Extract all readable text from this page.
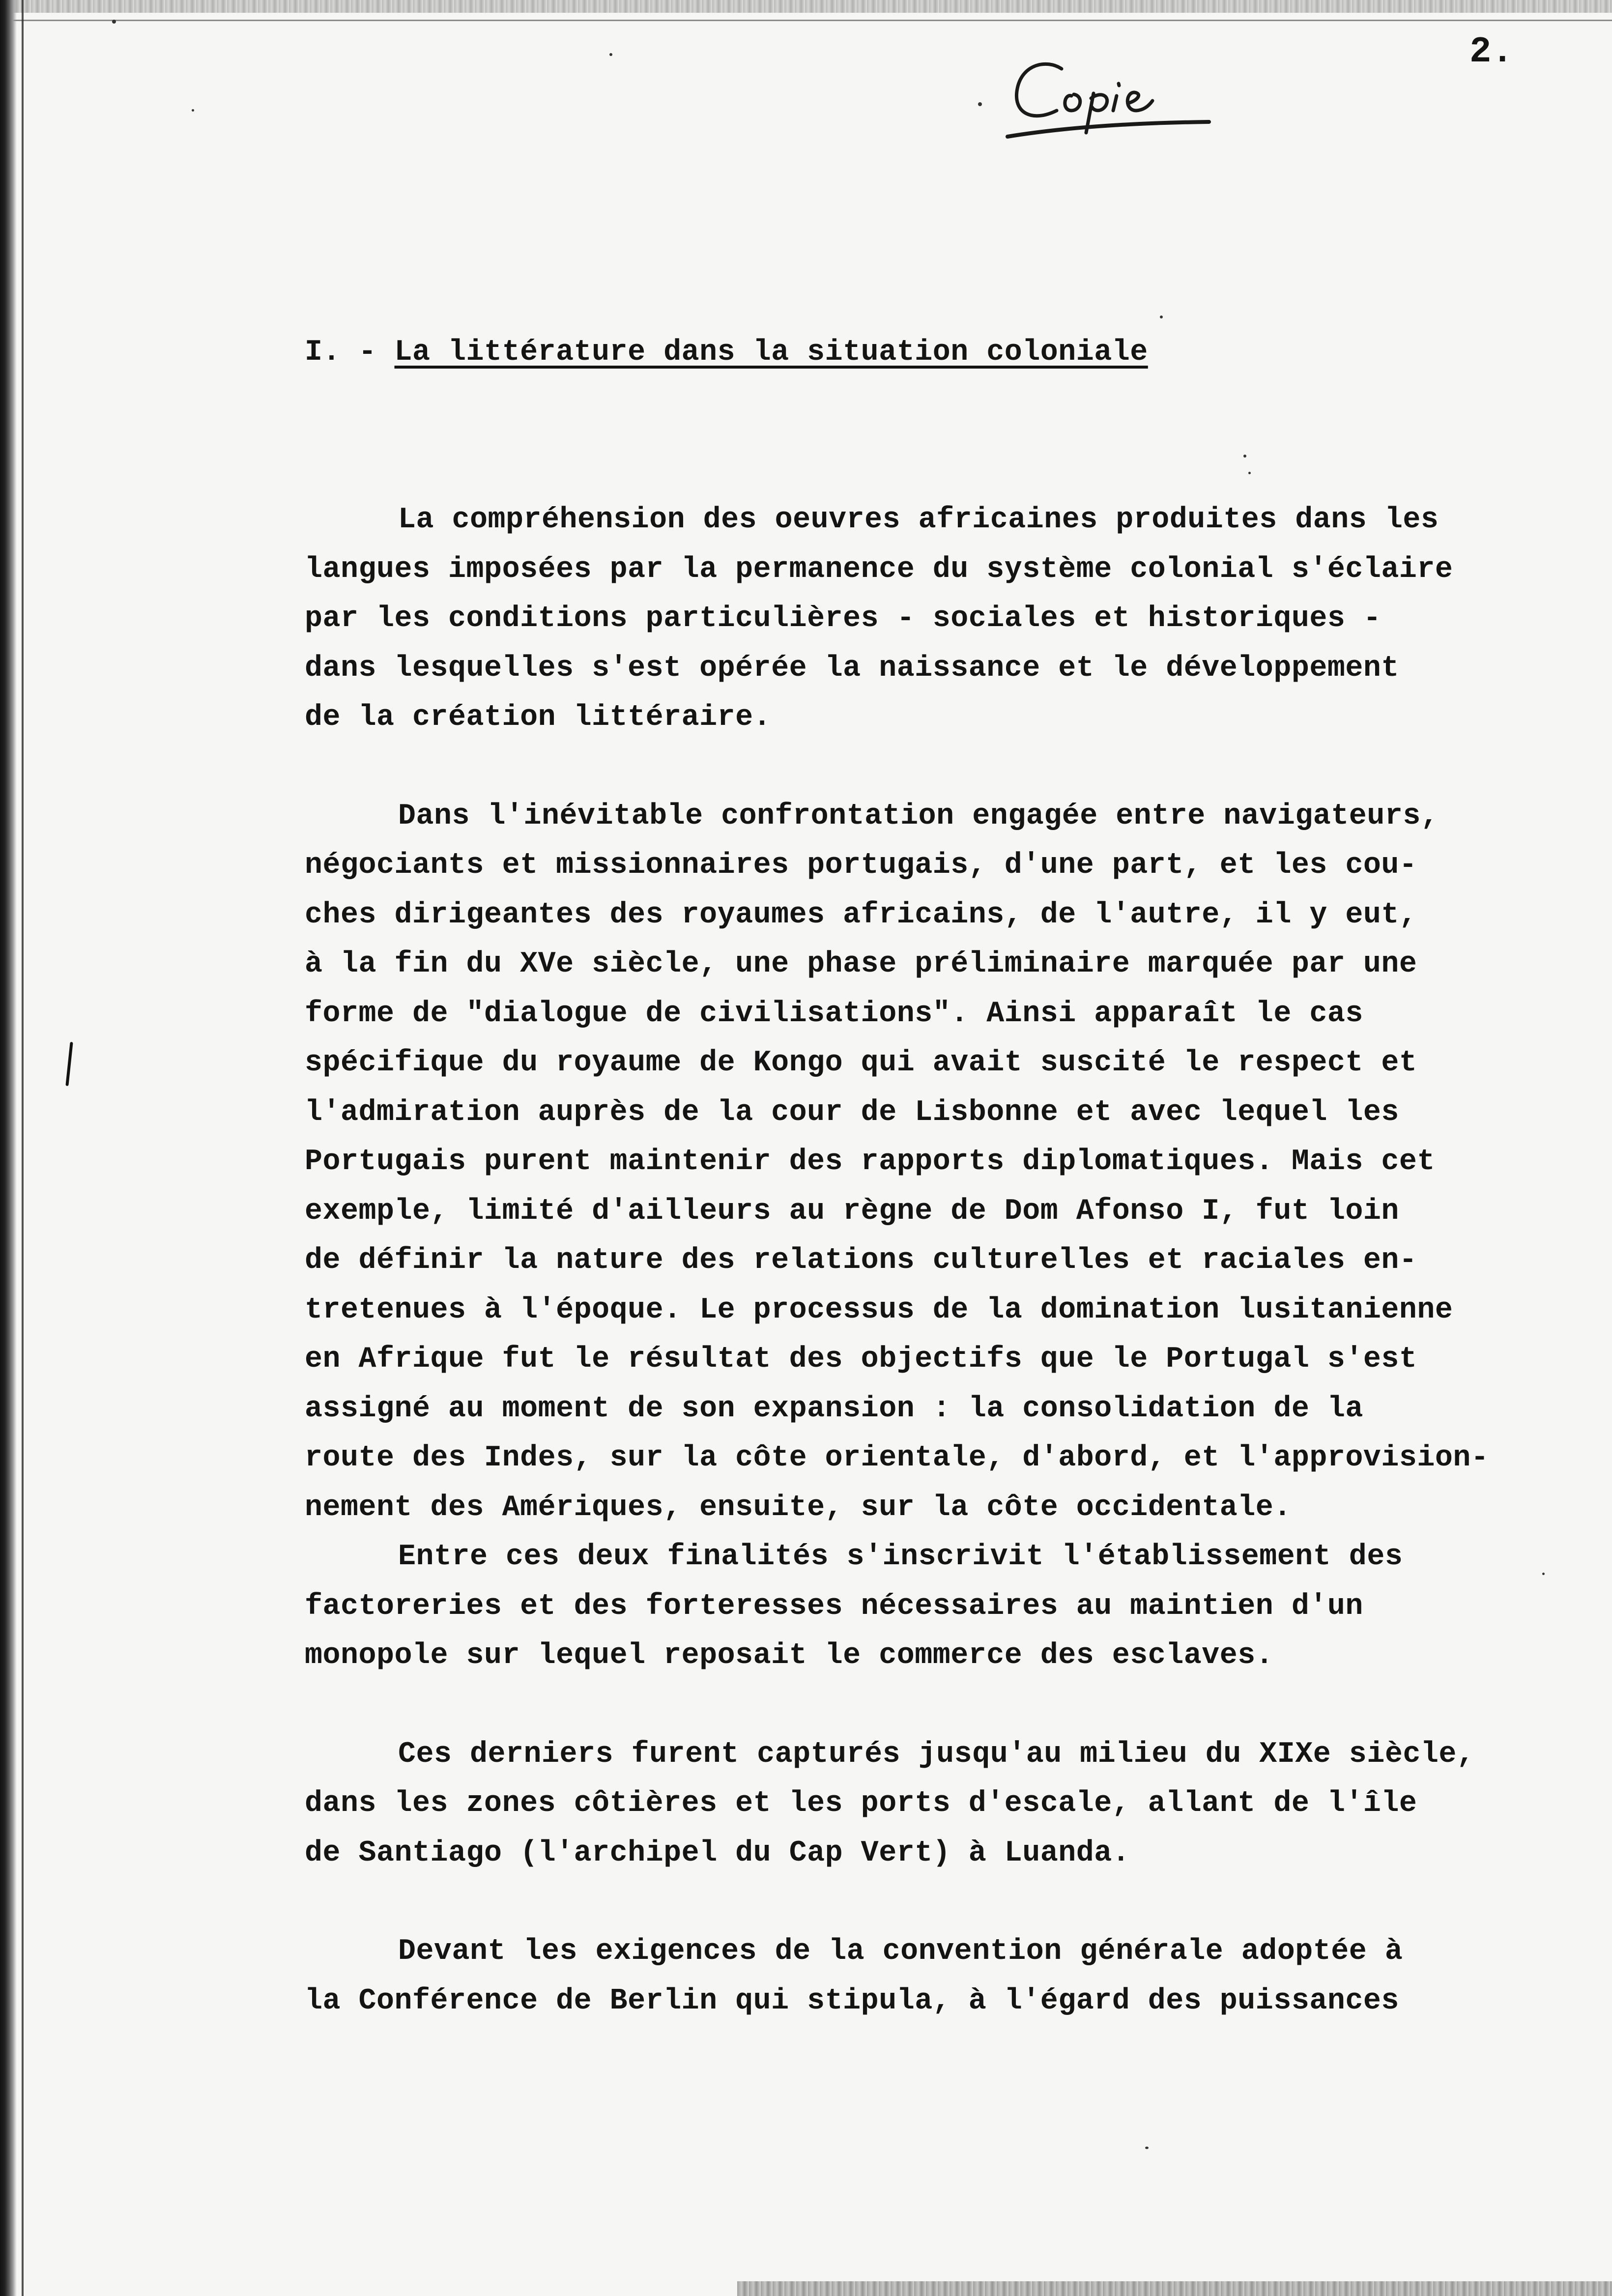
2.
I. - La littérature dans la situation coloniale
La compréhension des oeuvres africaines produites dans les
langues imposées par la permanence du système colonial s'éclaire
par les conditions particulières - sociales et historiques -
dans lesquelles s'est opérée la naissance et le développement
de la création littéraire.
Dans l'inévitable confrontation engagée entre navigateurs,
négociants et missionnaires portugais, d'une part, et les cou-
ches dirigeantes des royaumes africains, de l'autre, il y eut,
à la fin du XVe siècle, une phase préliminaire marquée par une
forme de "dialogue de civilisations". Ainsi apparaît le cas
spécifique du royaume de Kongo qui avait suscité le respect et
l'admiration auprès de la cour de Lisbonne et avec lequel les
Portugais purent maintenir des rapports diplomatiques. Mais cet
exemple, limité d'ailleurs au règne de Dom Afonso I, fut loin
de définir la nature des relations culturelles et raciales en-
tretenues à l'époque. Le processus de la domination lusitanienne
en Afrique fut le résultat des objectifs que le Portugal s'est
assigné au moment de son expansion : la consolidation de la
route des Indes, sur la côte orientale, d'abord, et l'approvision-
nement des Amériques, ensuite, sur la côte occidentale.
Entre ces deux finalités s'inscrivit l'établissement des
factoreries et des forteresses nécessaires au maintien d'un
monopole sur lequel reposait le commerce des esclaves.
Ces derniers furent capturés jusqu'au milieu du XIXe siècle,
dans les zones côtières et les ports d'escale, allant de l'île
de Santiago (l'archipel du Cap Vert) à Luanda.
Devant les exigences de la convention générale adoptée à
la Conférence de Berlin qui stipula, à l'égard des puissances
